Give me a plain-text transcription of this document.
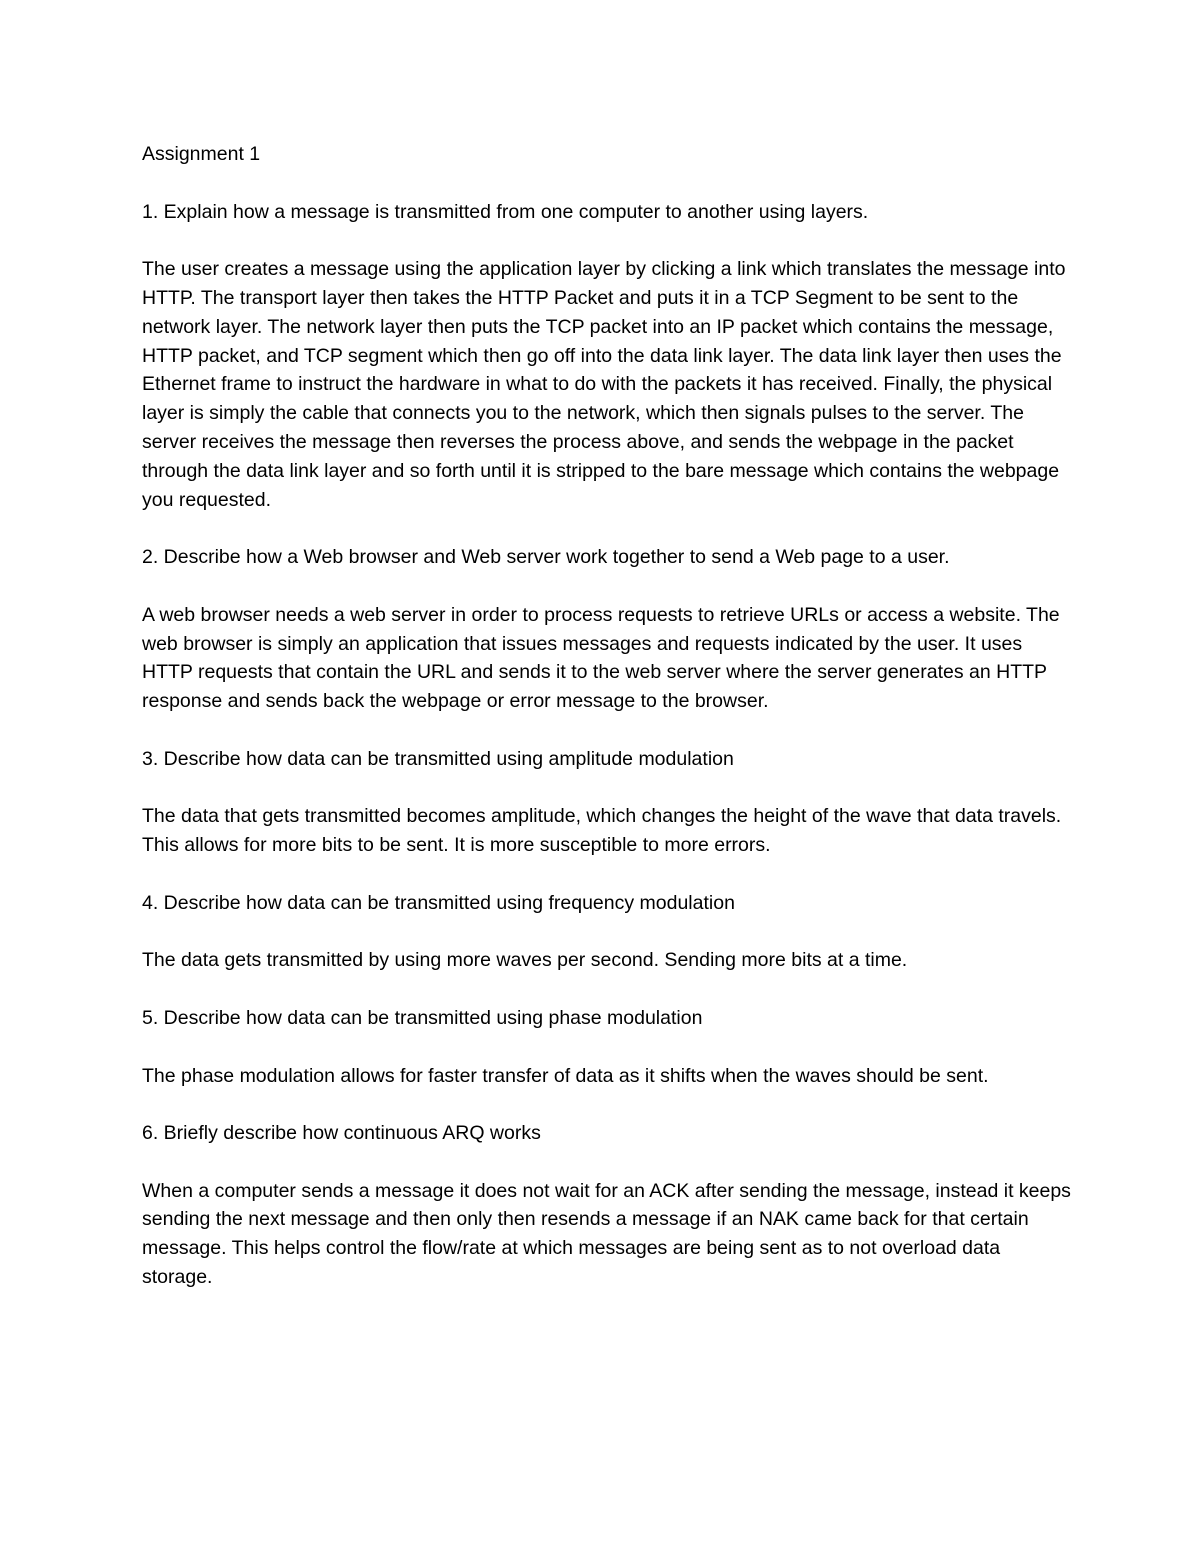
Assignment 1

1. Explain how a message is transmitted from one computer to another using layers.

The user creates a message using the application layer by clicking a link which translates the message into HTTP. The transport layer then takes the HTTP Packet and puts it in a TCP Segment to be sent to the network layer. The network layer then puts the TCP packet into an IP packet which contains the message, HTTP packet, and TCP segment which then go off into the data link layer. The data link layer then uses the Ethernet frame to instruct the hardware in what to do with the packets it has received. Finally, the physical layer is simply the cable that connects you to the network, which then signals pulses to the server. The server receives the message then reverses the process above, and sends the webpage in the packet through the data link layer and so forth until it is stripped to the bare message which contains the webpage you requested.

2. Describe how a Web browser and Web server work together to send a Web page to a user.

A web browser needs a web server in order to process requests to retrieve URLs or access a website. The web browser is simply an application that issues messages and requests indicated by the user. It uses HTTP requests that contain the URL and sends it to the web server where the server generates an HTTP response and sends back the webpage or error message to the browser.

3. Describe how data can be transmitted using amplitude modulation

The data that gets transmitted becomes amplitude, which changes the height of the wave that data travels. This allows for more bits to be sent. It is more susceptible to more errors.

4. Describe how data can be transmitted using frequency modulation

The data gets transmitted by using more waves per second. Sending more bits at a time.

5. Describe how data can be transmitted using phase modulation

The phase modulation allows for faster transfer of data as it shifts when the waves should be sent.

6. Briefly describe how continuous ARQ works

When a computer sends a message it does not wait for an ACK after sending the message, instead it keeps sending the next message and then only then resends a message if an NAK came back for that certain message. This helps control the flow/rate at which messages are being sent as to not overload data storage.
